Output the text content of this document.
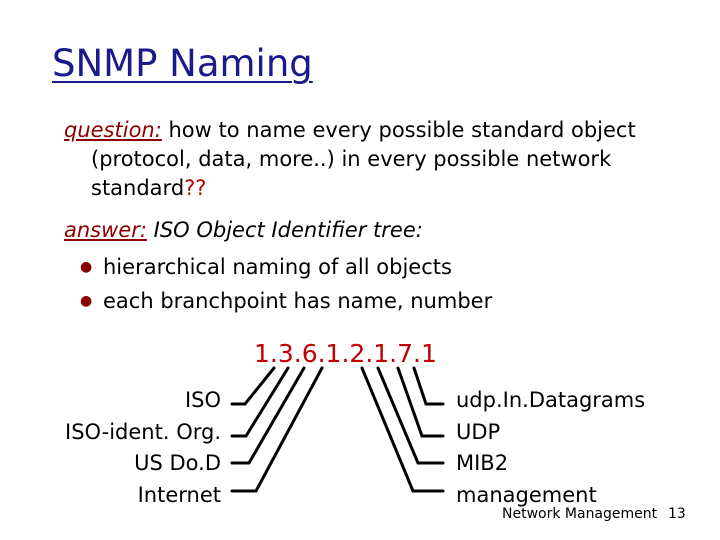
SNMP Naming
question: how to name every possible standard object
(protocol, data, more..) in every possible network
standard??
answer: ISO Object Identifier tree:
● hierarchical naming of all objects
● each branchpoint has name, number
1.3.6.1.2.1.7.1
ISO
ISO-ident. Org.
US Do.D
Internet
udp.In.Datagrams
UDP
MIB2
management
Network Management 13
